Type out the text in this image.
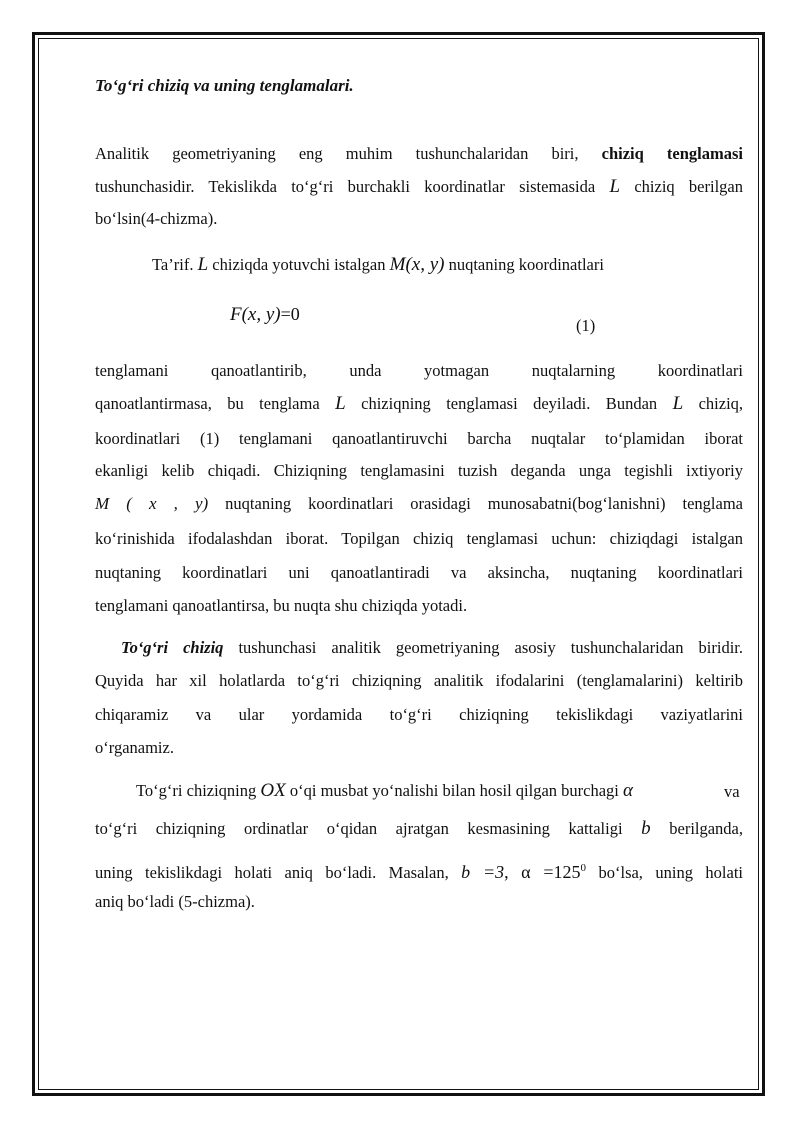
To‘g‘ri chiziq va uning tenglamalari.
Analitik geometriyaning eng muhim tushunchalaridan biri, chiziq tenglamasi
tushunchasidir. Tekislikda to‘g‘ri burchakli koordinatlar sistemasida L chiziq berilgan
bo‘lsin(4-chizma).
Ta’rif. L chiziqda yotuvchi istalgan M(x, y) nuqtaning koordinatlari
F(x, y)=0
(1)
tenglamani qanoatlantirib, unda yotmagan nuqtalarning koordinatlari
qanoatlantirmasa, bu tenglama L chiziqning tenglamasi deyiladi. Bundan L chiziq,
koordinatlari (1) tenglamani qanoatlantiruvchi barcha nuqtalar to‘plamidan iborat
ekanligi kelib chiqadi. Chiziqning tenglamasini tuzish deganda unga tegishli ixtiyoriy
M ( x , y) nuqtaning koordinatlari orasidagi munosabatni(bog‘lanishni) tenglama
ko‘rinishida ifodalashdan iborat. Topilgan chiziq tenglamasi uchun: chiziqdagi istalgan
nuqtaning koordinatlari uni qanoatlantiradi va aksincha, nuqtaning koordinatlari
tenglamani qanoatlantirsa, bu nuqta shu chiziqda yotadi.
To‘g‘ri chiziq tushunchasi analitik geometriyaning asosiy tushunchalaridan biridir.
Quyida har xil holatlarda to‘g‘ri chiziqning analitik ifodalarini (tenglamalarini) keltirib
chiqaramiz va ular yordamida to‘g‘ri chiziqning tekislikdagi vaziyatlarini
o‘rganamiz.
To‘g‘ri chiziqning OX o‘qi musbat yo‘nalishi bilan hosil qilgan burchagi α	va
to‘g‘ri chiziqning ordinatlar o‘qidan ajratgan kesmasining kattaligi b berilganda,
uning tekislikdagi holati aniq bo‘ladi. Masalan, b =3, $\alpha =125^0$ bo‘lsa, uning holati
aniq bo‘ladi (5-chizma).
